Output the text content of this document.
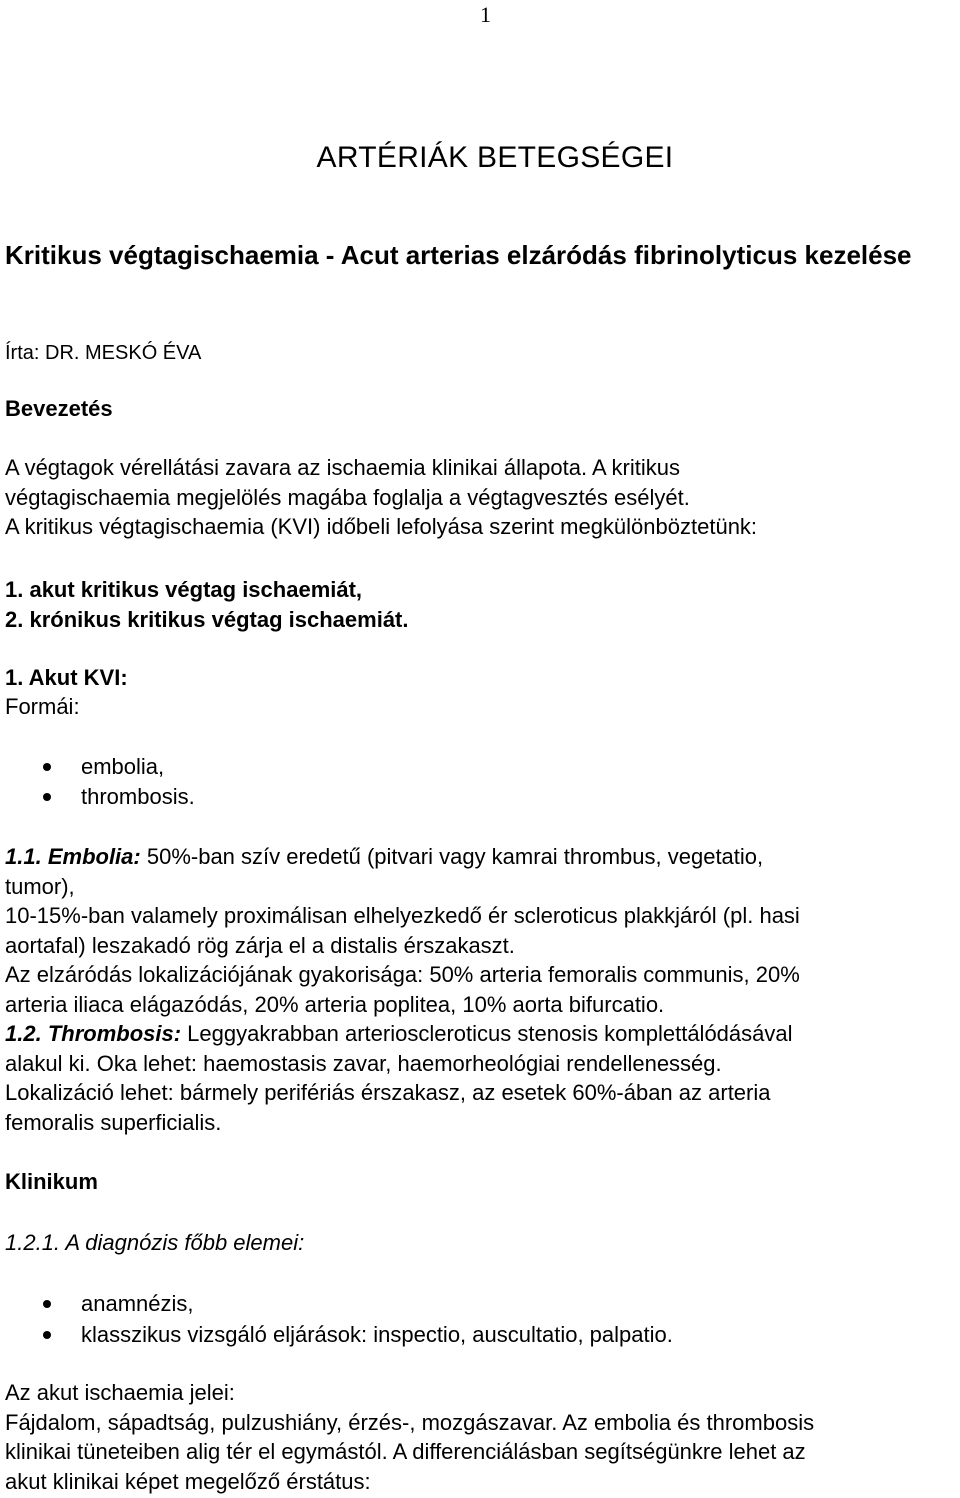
1
ARTÉRIÁK BETEGSÉGEI
Kritikus végtagischaemia - Acut arterias elzáródás fibrinolyticus kezelése
Írta: DR. MESKÓ ÉVA
Bevezetés
A végtagok vérellátási zavara az ischaemia klinikai állapota. A kritikus
végtagischaemia megjelölés magába foglalja a végtagvesztés esélyét.
A kritikus végtagischaemia (KVI) időbeli lefolyása szerint megkülönböztetünk:
1. akut kritikus végtag ischaemiát,
2. krónikus kritikus végtag ischaemiát.
1. Akut KVI:
Formái:
embolia,
thrombosis.
1.1. Embolia: 50%-ban szív eredetű (pitvari vagy kamrai thrombus, vegetatio,
tumor),
10-15%-ban valamely proximálisan elhelyezkedő ér scleroticus plakkjáról (pl. hasi
aortafal) leszakadó rög zárja el a distalis érszakaszt.
Az elzáródás lokalizációjának gyakorisága: 50% arteria femoralis communis, 20%
arteria iliaca elágazódás, 20% arteria poplitea, 10% aorta bifurcatio.
1.2. Thrombosis: Leggyakrabban arterioscleroticus stenosis komplettálódásával
alakul ki. Oka lehet: haemostasis zavar, haemorheológiai rendellenesség.
Lokalizáció lehet: bármely perifériás érszakasz, az esetek 60%-ában az arteria
femoralis superficialis.
Klinikum
1.2.1. A diagnózis főbb elemei:
anamnézis,
klasszikus vizsgáló eljárások: inspectio, auscultatio, palpatio.
Az akut ischaemia jelei:
Fájdalom, sápadtság, pulzushiány, érzés-, mozgászavar. Az embolia és thrombosis
klinikai tüneteiben alig tér el egymástól. A differenciálásban segítségünkre lehet az
akut klinikai képet megelőző érstátus:
